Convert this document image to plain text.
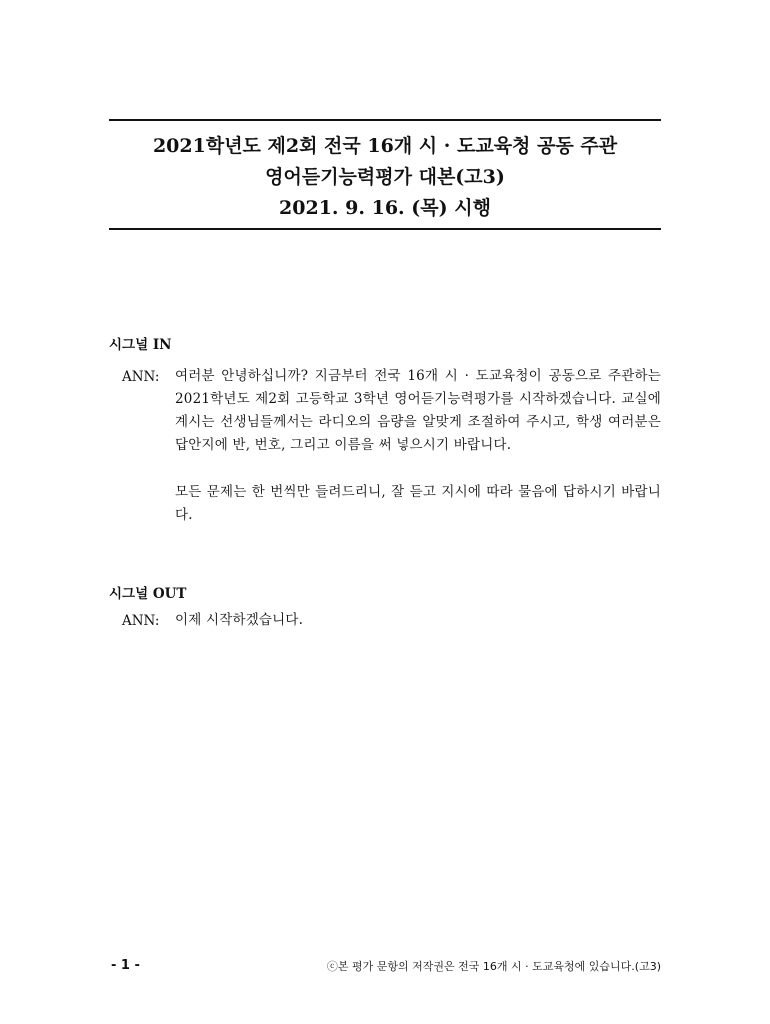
2021학년도 제2회 전국 16개 시 · 도교육청 공동 주관
영어듣기능력평가 대본(고3)
2021. 9. 16. (목) 시행
시그널 IN
ANN: 여러분 안녕하십니까? 지금부터 전국 16개 시 · 도교육청이 공동으로 주관하는 2021학년도 제2회 고등학교 3학년 영어듣기능력평가를 시작하겠습니다. 교실에 계시는 선생님들께서는 라디오의 음량을 알맞게 조절하여 주시고, 학생 여러분은 답안지에 반, 번호, 그리고 이름을 써 넣으시기 바랍니다.
모든 문제는 한 번씩만 들려드리니, 잘 듣고 지시에 따라 물음에 답하시기 바랍니다.
시그널 OUT
ANN: 이제 시작하겠습니다.
- 1 -	ⓒ본 평가 문항의 저작권은 전국 16개 시 · 도교육청에 있습니다.(고3)
